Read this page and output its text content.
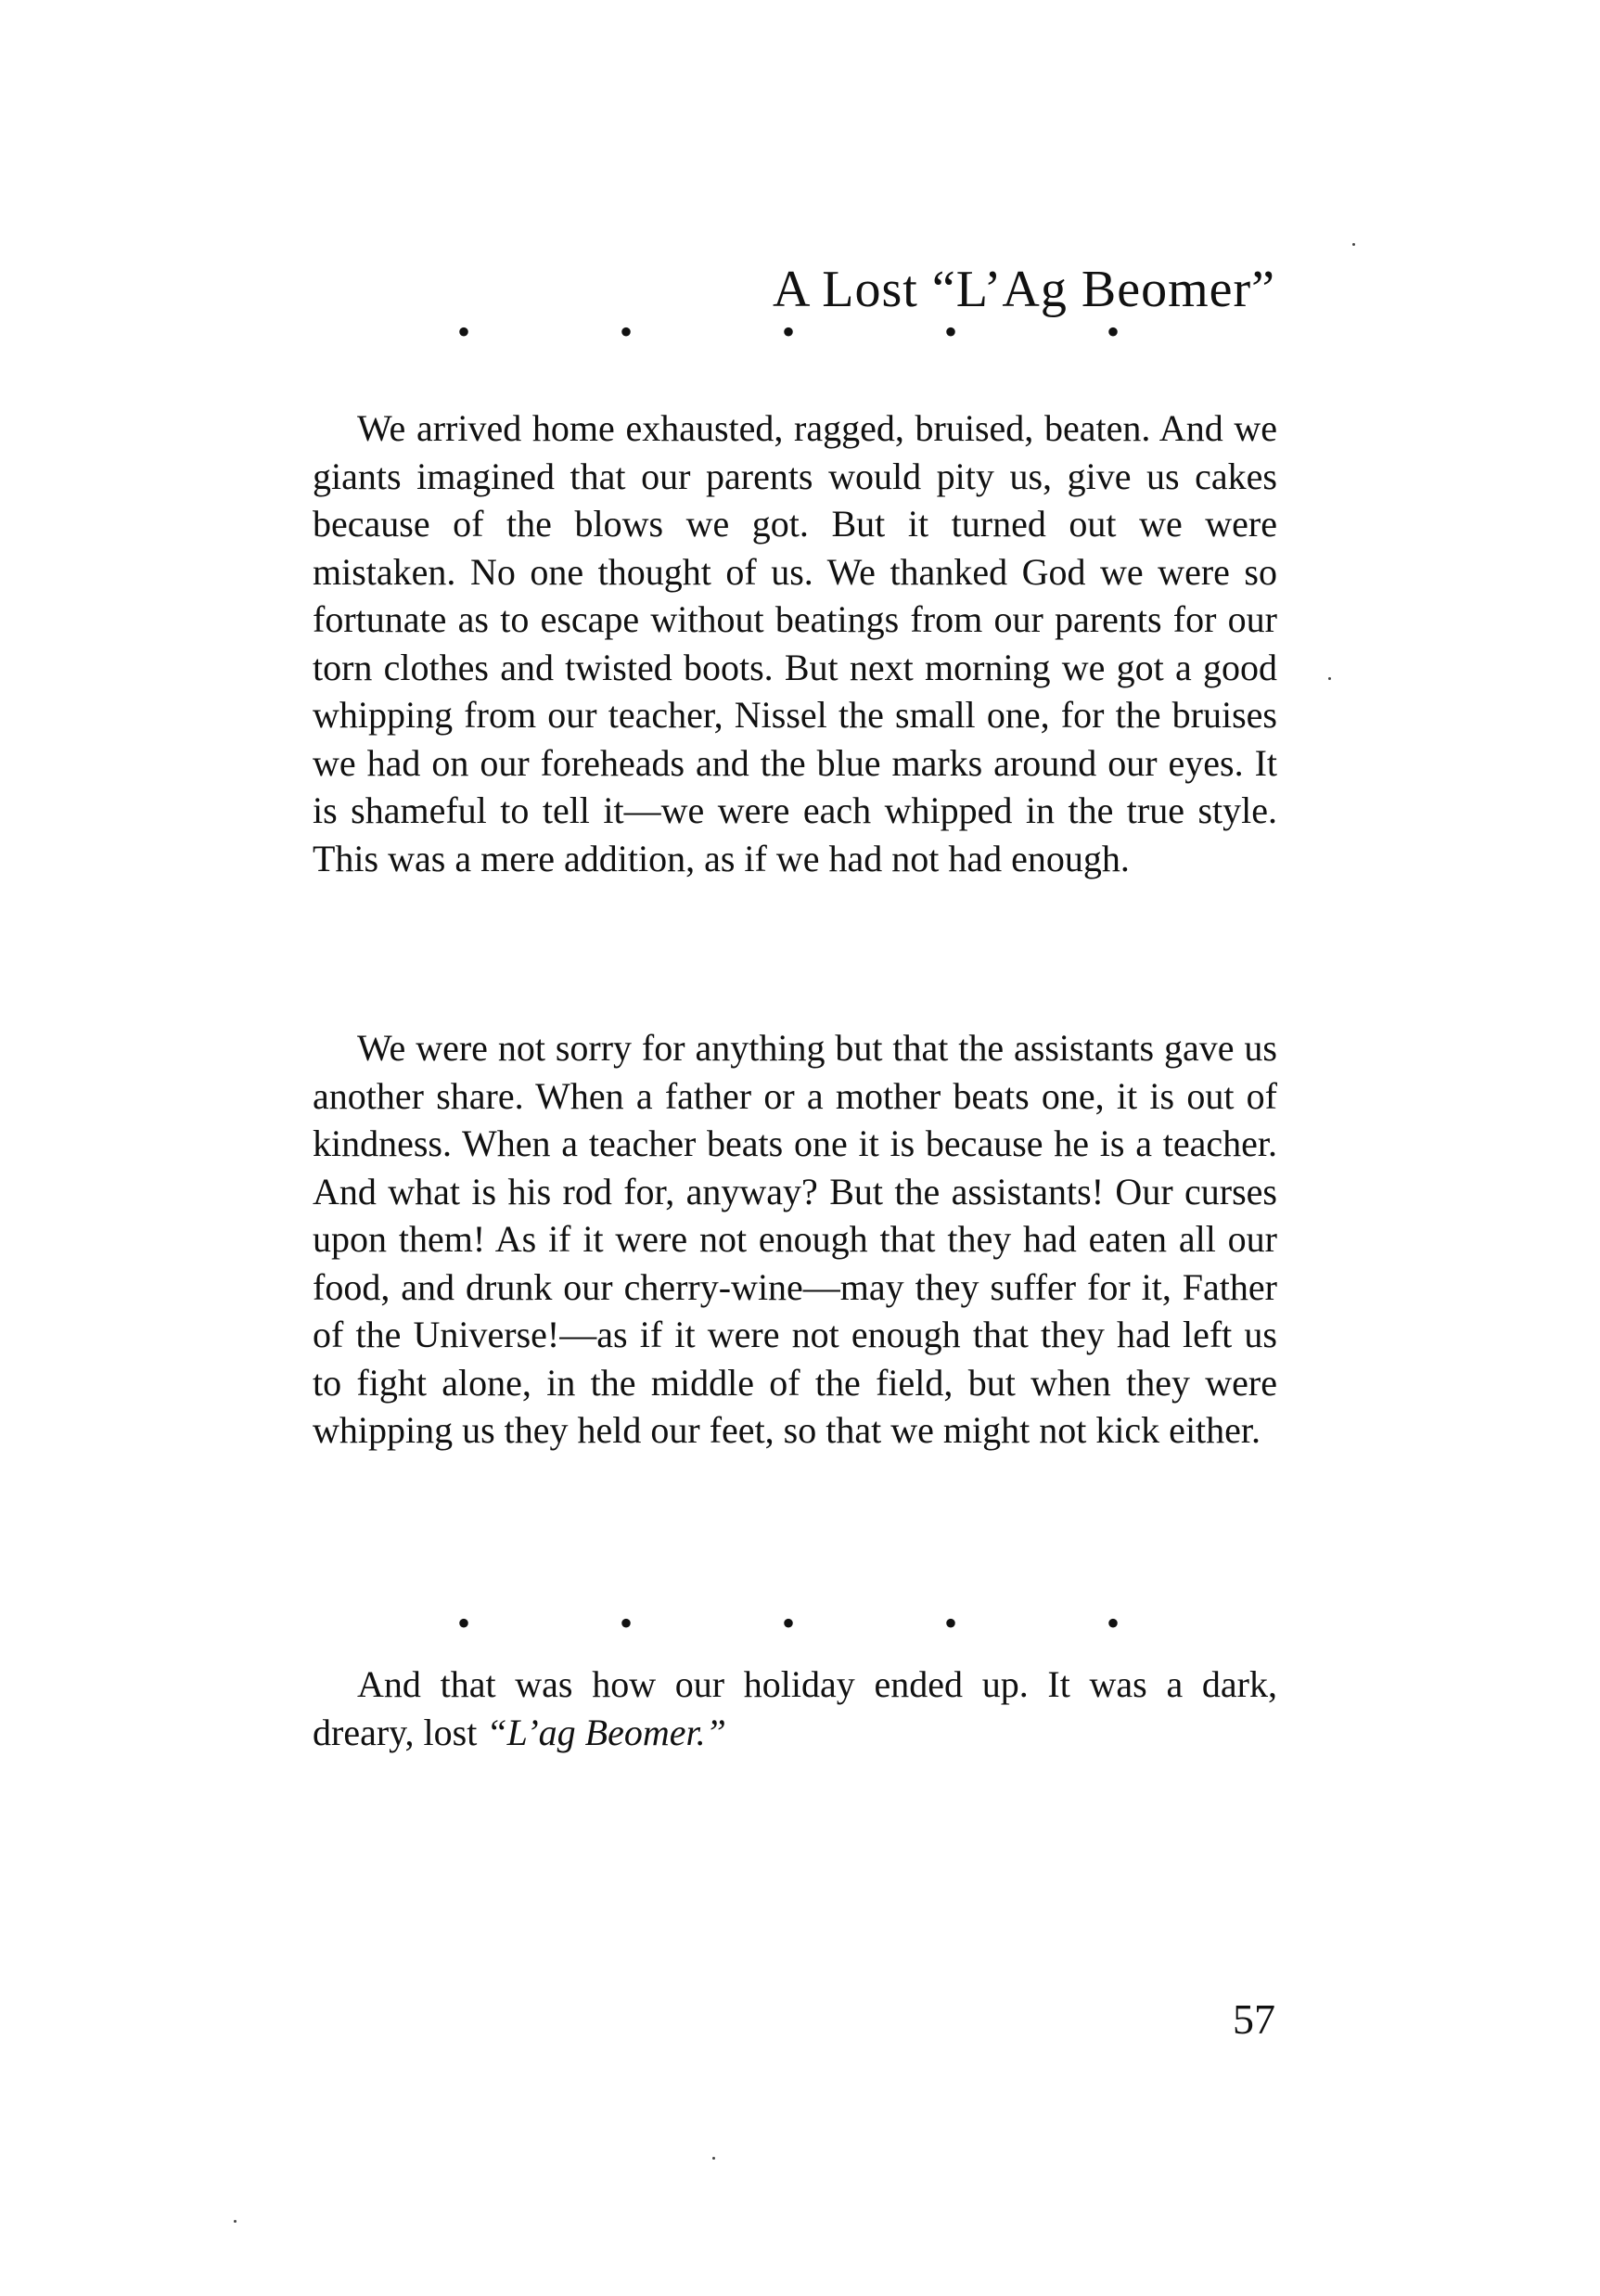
A Lost “L’Ag Beomer”
•	•	•	•	•

We arrived home exhausted, ragged, bruised, beaten. And we giants imagined that our parents would pity us, give us cakes because of the blows we got. But it turned out we were mistaken. No one thought of us. We thanked God we were so fortunate as to escape without beatings from our parents for our torn clothes and twisted boots. But next morning we got a good whipping from our teacher, Nissel the small one, for the bruises we had on our foreheads and the blue marks around our eyes. It is shameful to tell it—we were each whipped in the true style. This was a mere addition, as if we had not had enough.

We were not sorry for anything but that the assistants gave us another share. When a father or a mother beats one, it is out of kindness. When a teacher beats one it is because he is a teacher. And what is his rod for, anyway? But the assistants! Our curses upon them! As if it were not enough that they had eaten all our food, and drunk our cherry-wine—may they suffer for it, Father of the Universe!—as if it were not enough that they had left us to fight alone, in the middle of the field, but when they were whipping us they held our feet, so that we might not kick either.

•	•	•	•	•

And that was how our holiday ended up. It was a dark, dreary, lost “L’ag Beomer.”

57
